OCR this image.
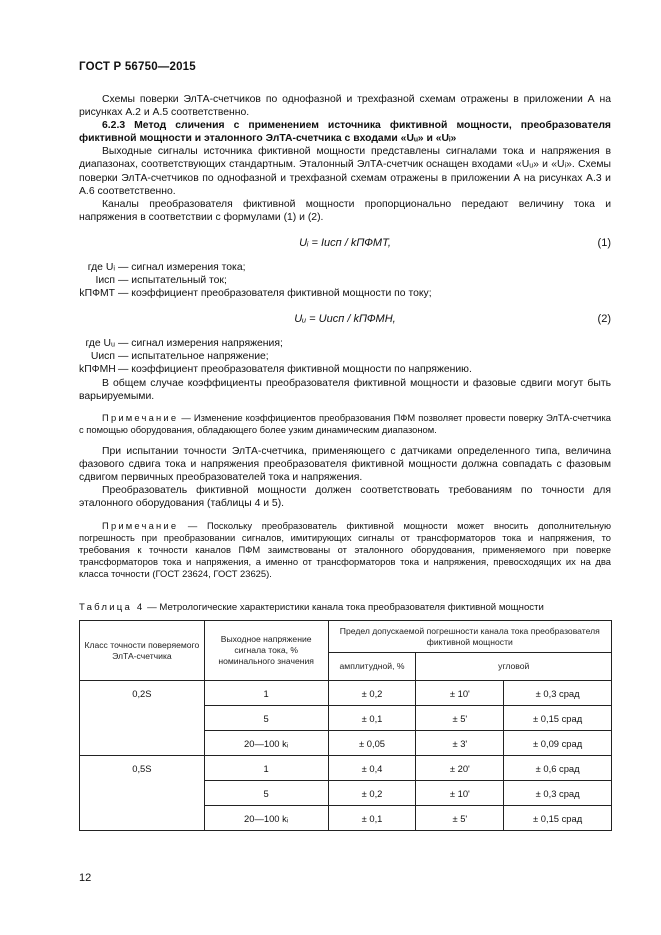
ГОСТ Р 56750—2015

Схемы поверки ЭлТА-счетчиков по однофазной и трехфазной схемам отражены в приложении А на рисунках А.2 и А.5 соответственно.

6.2.3 Метод сличения с применением источника фиктивной мощности, преобразователя фиктивной мощности и эталонного ЭлТА-счетчика с входами «Uᵤ» и «Uᵢ»

Выходные сигналы источника фиктивной мощности представлены сигналами тока и напряжения в диапазонах, соответствующих стандартным. Эталонный ЭлТА-счетчик оснащен входами «Uᵤ» и «Uᵢ». Схемы поверки ЭлТА-счетчиков по однофазной и трехфазной схемам отражены в приложении А на рисунках А.3 и А.6 соответственно.

Каналы преобразователя фиктивной мощности пропорционально передают величину тока и напряжения в соответствии с формулами (1) и (2).

Uᵢ = Iисп / kПФМТ,	(1)
где Uᵢ — сигнал измерения тока;
Iисп — испытательный ток;
kПФМТ — коэффициент преобразователя фиктивной мощности по току;
Uᵤ = Uисп / kПФМН,	(2)
где Uᵤ — сигнал измерения напряжения;
Uисп — испытательное напряжение;
kПФМН — коэффициент преобразователя фиктивной мощности по напряжению.

В общем случае коэффициенты преобразователя фиктивной мощности и фазовые сдвиги могут быть варьируемыми.

Примечание — Изменение коэффициентов преобразования ПФМ позволяет провести поверку ЭлТА-счетчика с помощью оборудования, обладающего более узким динамическим диапазоном.

При испытании точности ЭлТА-счетчика, применяющего с датчиками определенного типа, величина фазового сдвига тока и напряжения преобразователя фиктивной мощности должна совпадать с фазовым сдвигом первичных преобразователей тока и напряжения.

Преобразователь фиктивной мощности должен соответствовать требованиям по точности для эталонного оборудования (таблицы 4 и 5).

Примечание — Поскольку преобразователь фиктивной мощности может вносить дополнительную погрешность при преобразовании сигналов, имитирующих сигналы от трансформаторов тока и напряжения, то требования к точности каналов ПФМ заимствованы от эталонного оборудования, применяемого при поверке трансформаторов тока и напряжения, а именно от трансформаторов тока и напряжения, превосходящих их на два класса точности (ГОСТ 23624, ГОСТ 23625).

Таблица 4 — Метрологические характеристики канала тока преобразователя фиктивной мощности
Класс точности поверяемого ЭлТА-счетчика	Выходное напряжение сигнала тока, % номинального значения	Предел допускаемой погрешности канала тока преобразователя фиктивной мощности		
		амплитудной, %	угловой	
0,2S	1	± 0,2	± 10'	± 0,3 срад
	5	± 0,1	± 5'	± 0,15 срад
	20—100 kᵢ	± 0,05	± 3'	± 0,09 срад
0,5S	1	± 0,4	± 20'	± 0,6 срад
	5	± 0,2	± 10'	± 0,3 срад
	20—100 kᵢ	± 0,1	± 5'	± 0,15 срад
12
